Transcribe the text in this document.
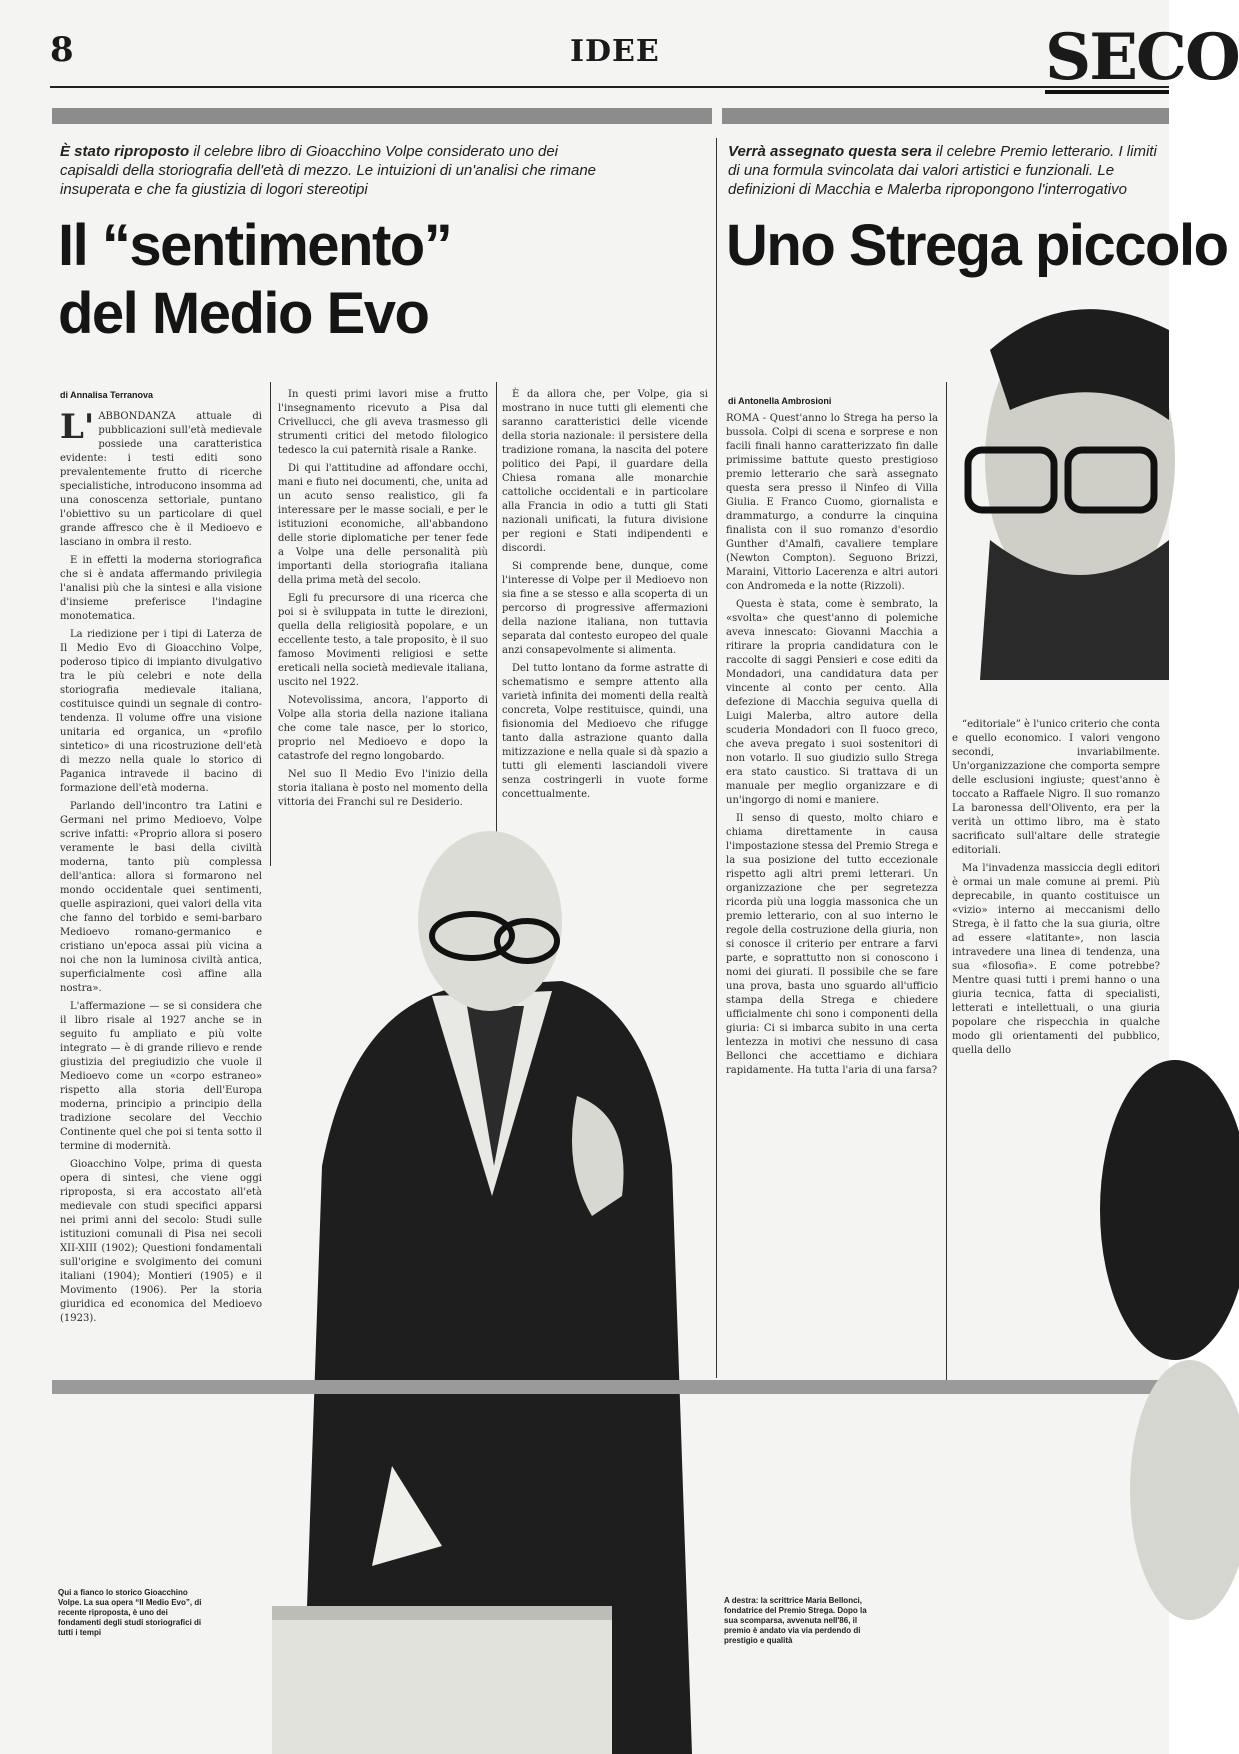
8	IDEE	SECO
È stato riproposto il celebre libro di Gioacchino Volpe considerato uno dei capisaldi della storiografia dell'età di mezzo. Le intuizioni di un'analisi che rimane insuperata e che fa giustizia di logori stereotipi
Il “sentimento”
del Medio Evo
di Annalisa Terranova
L' ABBONDANZA attuale di pubblicazioni sull'età medievale possiede una caratteristica evidente: i testi editi sono prevalentemente frutto di ricerche specialistiche, introducono insomma ad una conoscenza settoriale, puntano l'obiettivo su un particolare di quel grande affresco che è il Medioevo e lasciano in ombra il resto.

E in effetti la moderna storiografica che si è andata affermando privilegia l'analisi più che la sintesi e alla visione d'insieme preferisce l'indagine monotematica.

La riedizione per i tipi di Laterza de Il Medio Evo di Gioacchino Volpe, poderoso tipico di impianto divulgativo tra le più celebri e note della storiografia medievale italiana, costituisce quindi un segnale di contro-tendenza. Il volume offre una visione unitaria ed organica, un «profilo sintetico» di una ricostruzione dell'età di mezzo nella quale lo storico di Paganica intravede il bacino di formazione dell'età moderna.

Parlando dell'incontro tra Latini e Germani nel primo Medioevo, Volpe scrive infatti: «Proprio allora si posero veramente le basi della civiltà moderna, tanto più complessa dell'antica: allora si formarono nel mondo occidentale quei sentimenti, quelle aspirazioni, quei valori della vita che fanno del torbido e semi-barbaro Medioevo romano-germanico e cristiano un'epoca assai più vicina a noi che non la luminosa civiltà antica, superficialmente così affine alla nostra».

L'affermazione — se si considera che il libro risale al 1927 anche se in seguito fu ampliato e più volte integrato — è di grande rilievo e rende giustizia del pregiudizio che vuole il Medioevo come un «corpo estraneo» rispetto alla storia dell'Europa moderna, principio a principio della tradizione secolare del Vecchio Continente quel che poi si tenta sotto il termine di modernità.

Gioacchino Volpe, prima di questa opera di sintesi, che viene oggi riproposta, si era accostato all'età medievale con studi specifici apparsi nei primi anni del secolo: Studi sulle istituzioni comunali di Pisa nei secoli XII-XIII (1902); Questioni fondamentali sull'origine e svolgimento dei comuni italiani (1904); Montieri (1905) e il Movimento (1906). Per la storia giuridica ed economica del Medioevo (1923).

In questi primi lavori mise a frutto l'insegnamento ricevuto a Pisa dal Crivellucci, che gli aveva trasmesso gli strumenti critici del metodo filologico tedesco la cui paternità risale a Ranke.

Di qui l'attitudine ad affondare occhi, mani e fiuto nei documenti, che, unita ad un acuto senso realistico, gli fa interessare per le masse sociali, e per le istituzioni economiche, all'abbandono delle storie diplomatiche per tener fede a Volpe una delle personalità più importanti della storiografia italiana della prima metà del secolo.

Egli fu precursore di una ricerca che poi si è sviluppata in tutte le direzioni, quella della religiosità popolare, e un eccellente testo, a tale proposito, è il suo famoso Movimenti religiosi e sette ereticali nella società medievale italiana, uscito nel 1922.

Notevolissima, ancora, l'apporto di Volpe alla storia della nazione italiana che come tale nasce, per lo storico, proprio nel Medioevo e dopo la catastrofe del regno longobardo.

Nel suo Il Medio Evo l'inizio della storia italiana è posto nel momento della vittoria dei Franchi sul re Desiderio.

È da allora che, per Volpe, gia si mostrano in nuce tutti gli elementi che saranno caratteristici delle vicende della storia nazionale: il persistere della tradizione romana, la nascita del potere politico dei Papi, il guardare della Chiesa romana alle monarchie cattoliche occidentali e in particolare alla Francia in odio a tutti gli Stati nazionali unificati, la futura divisione per regioni e Stati indipendenti e discordi.

Si comprende bene, dunque, come l'interesse di Volpe per il Medioevo non sia fine a se stesso e alla scoperta di un percorso di progressive affermazioni della nazione italiana, non tuttavia separata dal contesto europeo del quale anzi consapevolmente si alimenta.

Del tutto lontano da forme astratte di schematismo e sempre attento alla varietà infinita dei momenti della realtà concreta, Volpe restituisce, quindi, una fisionomia del Medioevo che rifugge tanto dalla astrazione quanto dalla mitizzazione e nella quale si dà spazio a tutti gli elementi lasciandoli vivere senza costringerli in vuote forme concettualmente.

Qui a fianco lo storico Gioacchino Volpe. La sua opera “Il Medio Evo”, di recente riproposta, è uno dei fondamenti degli studi storiografici di tutti i tempi
Verrà assegnato questa sera il celebre Premio letterario. I limiti di una formula svincolata dai valori artistici e funzionali. Le definizioni di Macchia e Malerba ripropongono l'interrogativo
Uno Strega piccolo
di Antonella Ambrosioni

ROMA - Quest'anno lo Strega ha perso la bussola. Colpi di scena e sorprese e non facili finali hanno caratterizzato fin dalle primissime battute questo prestigioso premio letterario che sarà assegnato questa sera presso il Ninfeo di Villa Giulia. E Franco Cuomo, giornalista e drammaturgo, a condurre la cinquina finalista con il suo romanzo d'esordio Gunther d'Amalfi, cavaliere templare (Newton Compton). Seguono Brizzi, Maraini, Vittorio Lacerenza e altri autori con Andromeda e la notte (Rizzoli).

Questa è stata, come è sembrato, la «svolta» che quest'anno di polemiche aveva innescato: Giovanni Macchia a ritirare la propria candidatura con le raccolte di saggi Pensieri e cose editi da Mondadori, una candidatura data per vincente al conto per cento. Alla defezione di Macchia seguiva quella di Luigi Malerba, altro autore della scuderia Mondadori con Il fuoco greco, che aveva pregato i suoi sostenitori di non votarlo. Il suo giudizio sullo Strega era stato caustico. Si trattava di un manuale per meglio organizzare e di un'ingorgo di nomi e maniere.

Il senso di questo, molto chiaro e chiama direttamente in causa l'impostazione stessa del Premio Strega e la sua posizione del tutto eccezionale rispetto agli altri premi letterari. Un organizzazione che per segretezza ricorda più una loggia massonica che un premio letterario, con al suo interno le regole della costruzione della giuria, non si conosce il criterio per entrare a farvi parte, e soprattutto non si conoscono i nomi dei giurati. Il possibile che se fare una prova, basta uno sguardo all'ufficio stampa della Strega e chiedere ufficialmente chi sono i componenti della giuria: Ci si imbarca subito in una certa lentezza in motivi che nessuno di casa Bellonci che accettiamo e dichiara rapidamente. Ha tutta l'aria di una farsa?

“editoriale” è l'unico criterio che conta e quello economico. I valori vengono secondi, invariabilmente. Un'organizzazione che comporta sempre delle esclusioni ingiuste; quest'anno è toccato a Raffaele Nigro. Il suo romanzo La baronessa dell'Olivento, era per la verità un ottimo libro, ma è stato sacrificato sull'altare delle strategie editoriali.

Ma l'invadenza massiccia degli editori è ormai un male comune ai premi. Più deprecabile, in quanto costituisce un «vizio» interno ai meccanismi dello Strega, è il fatto che la sua giuria, oltre ad essere «latitante», non lascia intravedere una linea di tendenza, una sua «filosofia». E come potrebbe? Mentre quasi tutti i premi hanno o una giuria tecnica, fatta di specialisti, letterati e intellettuali, o una giuria popolare che rispecchia in qualche modo gli orientamenti del pubblico, quella dello

A destra: la scrittrice Maria Bellonci, fondatrice del Premio Strega. Dopo la sua scomparsa, avvenuta nell'86, il premio è andato via via perdendo di prestigio e qualità
